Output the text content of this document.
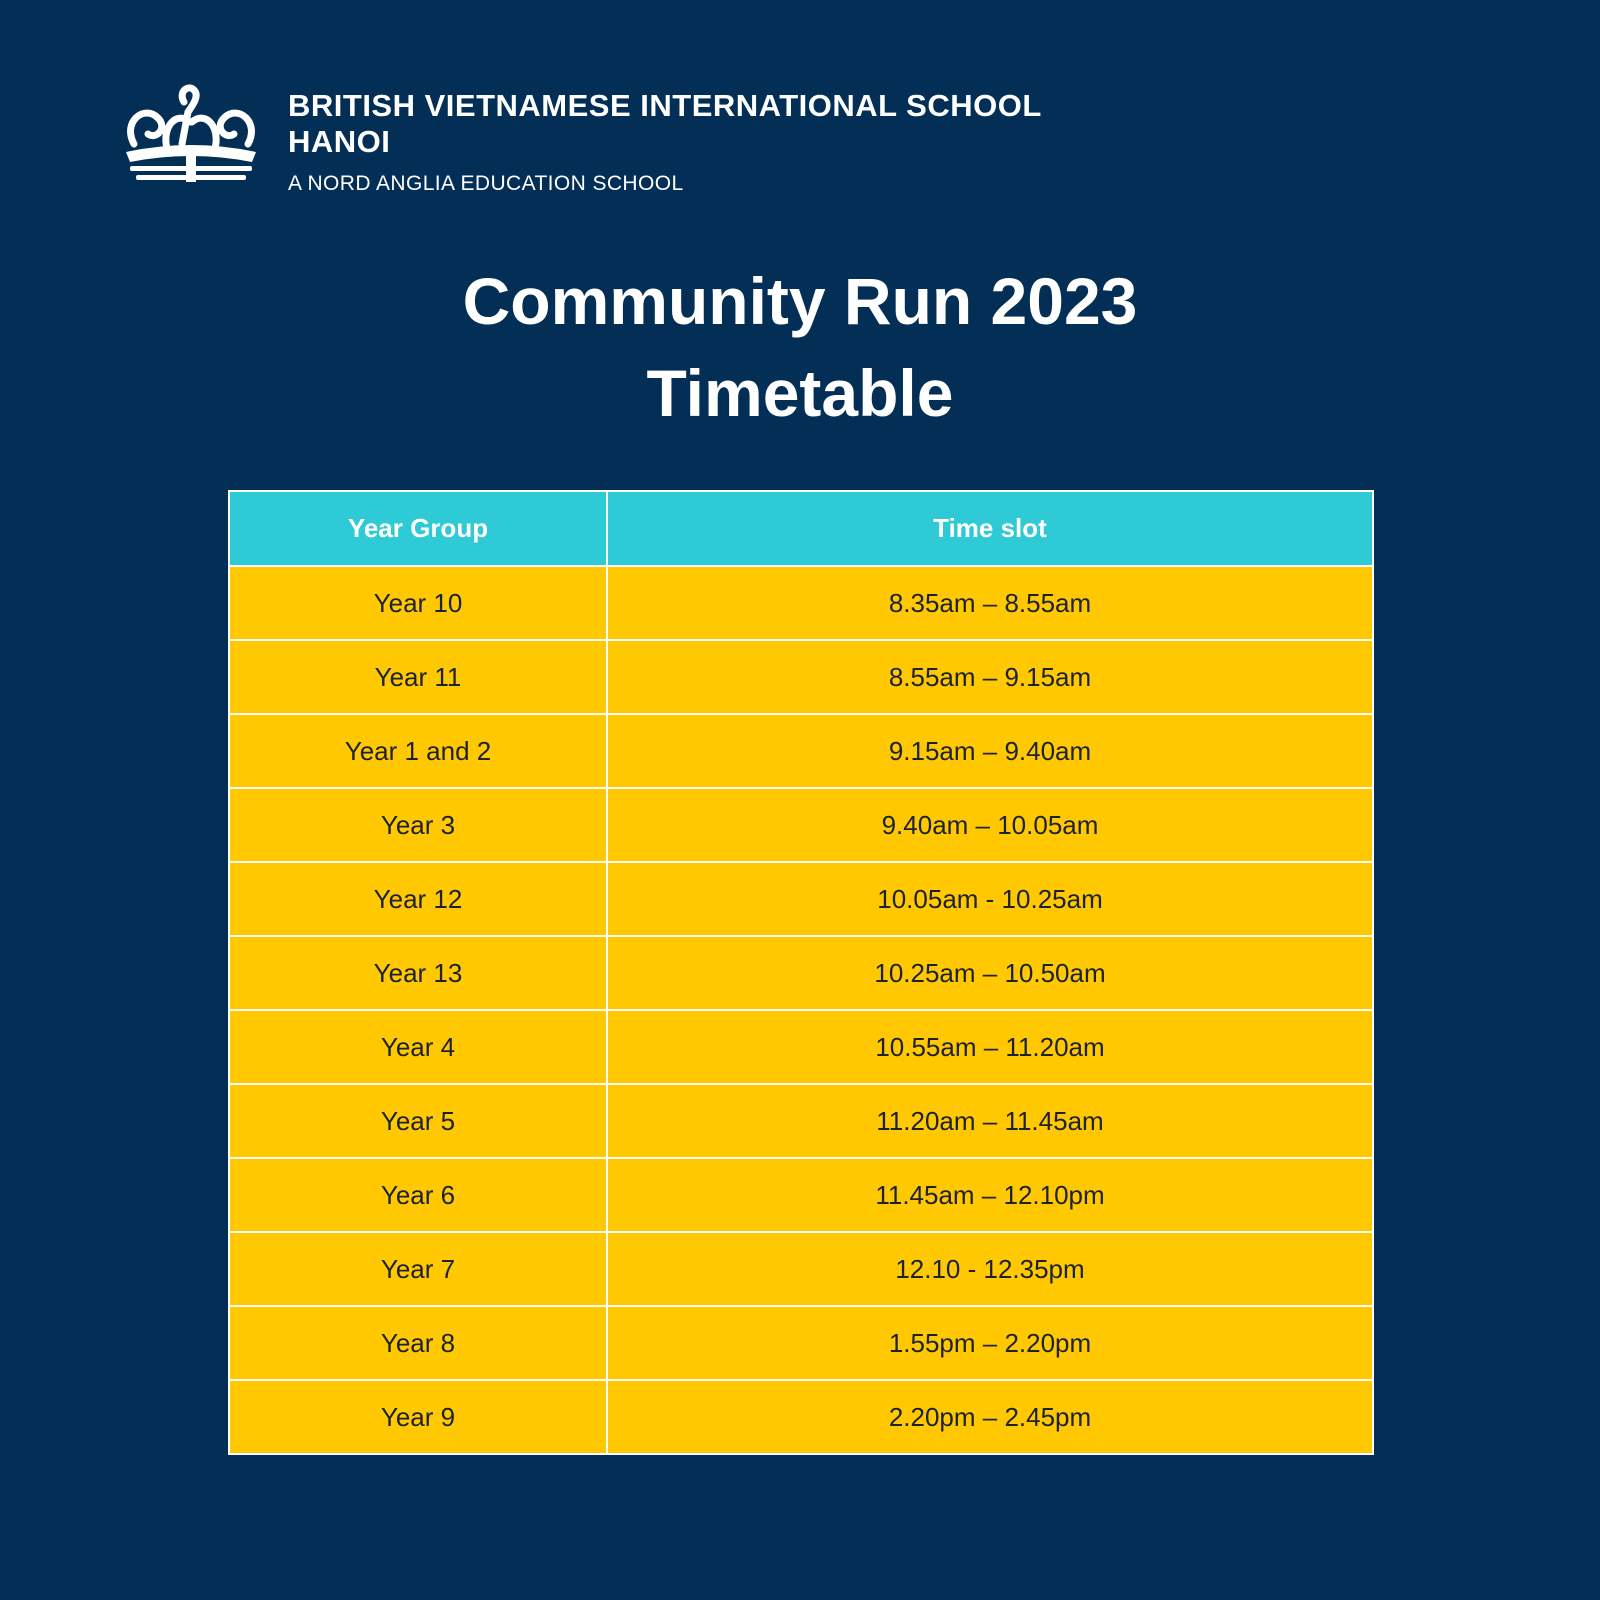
BRITISH VIETNAMESE INTERNATIONAL SCHOOL
HANOI
A NORD ANGLIA EDUCATION SCHOOL
Community Run 2023
Timetable
Year Group	Time slot
Year 10	8.35am – 8.55am
Year 11	8.55am – 9.15am
Year 1 and 2	9.15am – 9.40am
Year 3	9.40am – 10.05am
Year 12	10.05am - 10.25am
Year 13	10.25am – 10.50am
Year 4	10.55am – 11.20am
Year 5	11.20am – 11.45am
Year 6	11.45am – 12.10pm
Year 7	12.10 - 12.35pm
Year 8	1.55pm – 2.20pm
Year 9	2.20pm – 2.45pm
